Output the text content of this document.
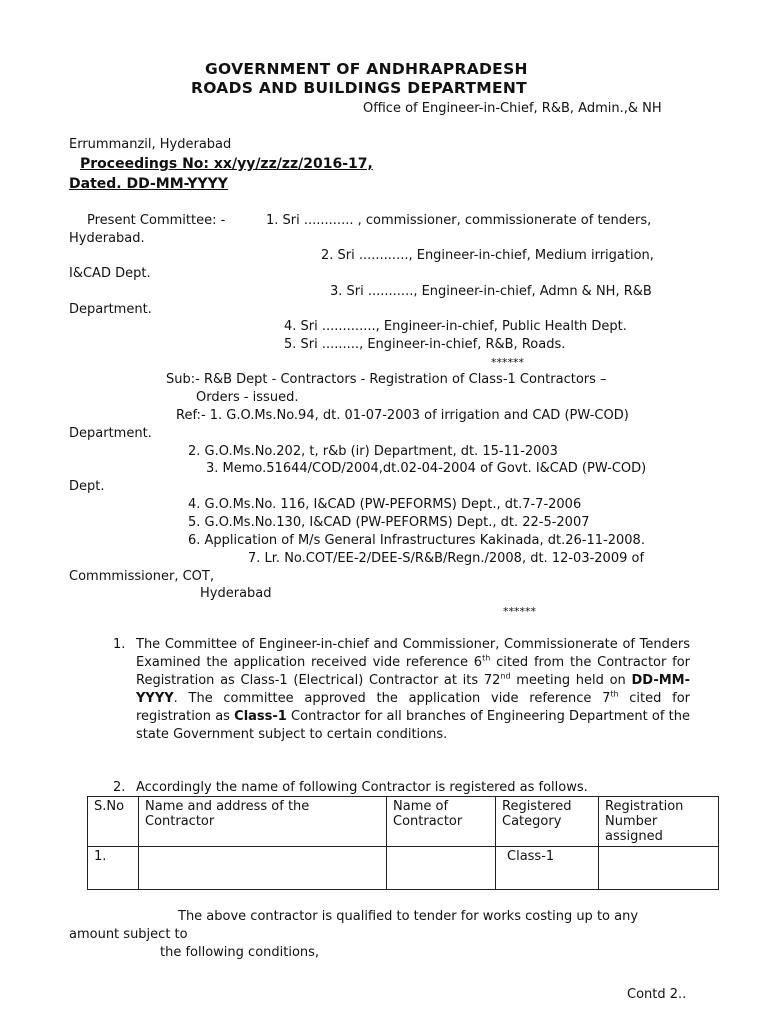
GOVERNMENT OF ANDHRAPRADESH
ROADS AND BUILDINGS DEPARTMENT
Office of Engineer-in-Chief, R&B, Admin.,& NH
Errummanzil, Hyderabad
Proceedings No: xx/yy/zz/zz/2016-17,
Dated. DD-MM-YYYY
Present Committee: -	1. Sri ............ , commissioner, commissionerate of tenders,
Hyderabad.
2. Sri ............, Engineer-in-chief, Medium irrigation,
I&CAD Dept.
3. Sri ..........., Engineer-in-chief, Admn & NH, R&B
Department.
4. Sri ............., Engineer-in-chief, Public Health Dept.
5. Sri ........., Engineer-in-chief, R&B, Roads.
******
Sub:- R&B Dept - Contractors - Registration of Class-1 Contractors –
Orders - issued.
Ref:- 1. G.O.Ms.No.94, dt. 01-07-2003 of irrigation and CAD (PW-COD)
Department.
2. G.O.Ms.No.202, t, r&b (ir) Department, dt. 15-11-2003
3. Memo.51644/COD/2004,dt.02-04-2004 of Govt. I&CAD (PW-COD)
Dept.
4. G.O.Ms.No. 116, I&CAD (PW-PEFORMS) Dept., dt.7-7-2006
5. G.O.Ms.No.130, I&CAD (PW-PEFORMS) Dept., dt. 22-5-2007
6. Application of M/s General Infrastructures Kakinada, dt.26-11-2008.
7. Lr. No.COT/EE-2/DEE-S/R&B/Regn./2008, dt. 12-03-2009 of
Commmissioner, COT,
Hyderabad
******
1. The Committee of Engineer-in-chief and Commissioner, Commissionerate of Tenders Examined the application received vide reference 6th cited from the Contractor for Registration as Class-1 (Electrical) Contractor at its 72nd meeting held on DD-MM-YYYY. The committee approved the application vide reference 7th cited for registration as Class-1 Contractor for all branches of Engineering Department of the state Government subject to certain conditions.
2. Accordingly the name of following Contractor is registered as follows.
S.No	Name and address of the Contractor	Name of Contractor	Registered Category	Registration Number assigned
1.			Class-1	
The above contractor is qualified to tender for works costing up to any
amount subject to
the following conditions,
Contd 2..
